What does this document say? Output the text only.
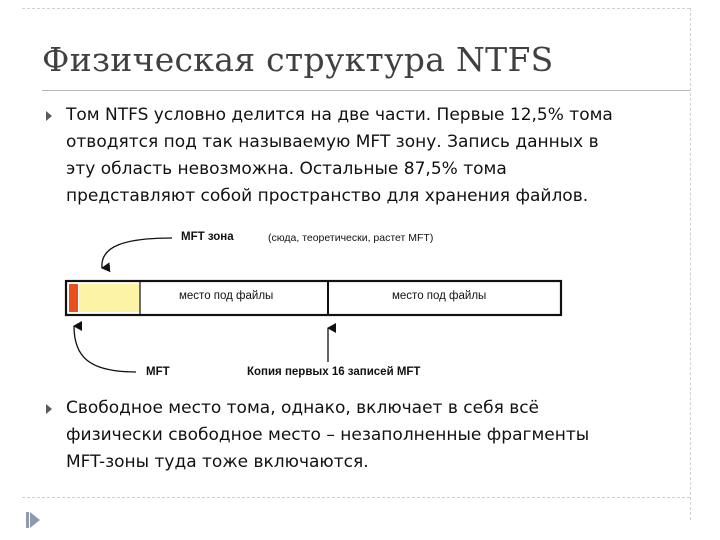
Физическая структура NTFS
Том NTFS условно делится на две части. Первые 12,5% тома
отводятся под так называемую MFT зону. Запись данных в
эту область невозможна. Остальные 87,5% тома
представляют собой пространство для хранения файлов.
MFT зона	(сюда, теоретически, растет MFT)
место под файлы	место под файлы
MFT	Копия первых 16 записей MFT
Свободное место тома, однако, включает в себя всё
физически свободное место – незаполненные фрагменты
MFT-зоны туда тоже включаются.
